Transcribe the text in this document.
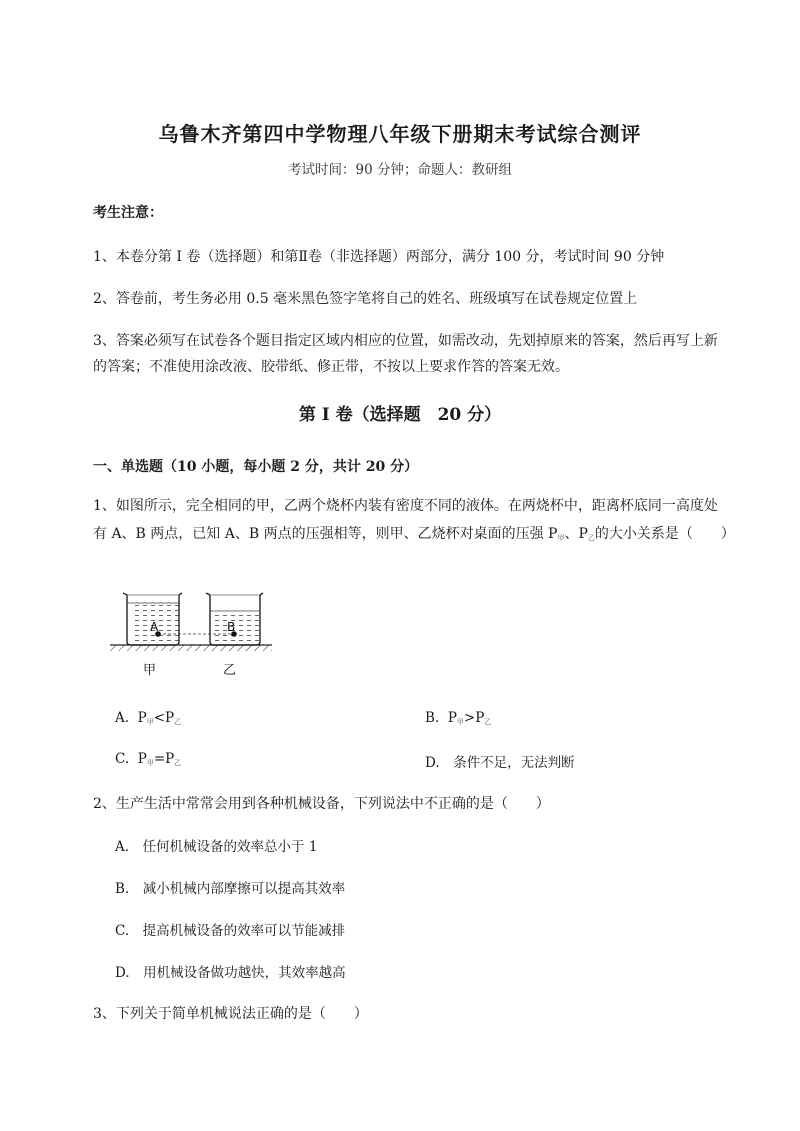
乌鲁木齐第四中学物理八年级下册期末考试综合测评
考试时间：90 分钟；命题人：教研组
考生注意：
1、本卷分第 I 卷（选择题）和第Ⅱ卷（非选择题）两部分，满分 100 分，考试时间 90 分钟
2、答卷前，考生务必用 0.5 毫米黑色签字笔将自己的姓名、班级填写在试卷规定位置上
3、答案必须写在试卷各个题目指定区域内相应的位置，如需改动，先划掉原来的答案，然后再写上新
的答案；不准使用涂改液、胶带纸、修正带，不按以上要求作答的答案无效。
第 I 卷（选择题　20 分）
一、单选题（10 小题，每小题 2 分，共计 20 分）
1、如图所示，完全相同的甲，乙两个烧杯内装有密度不同的液体。在两烧杯中，距离杯底同一高度处
有 A、B 两点，已知 A、B 两点的压强相等，则甲、乙烧杯对桌面的压强 $P_甲$、$P_乙$的大小关系是（　　）
A	B
甲	乙
A. $P_甲<P_乙$	B. $P_甲>P_乙$
C. $P_甲=P_乙$	D.　条件不足，无法判断
2、生产生活中常常会用到各种机械设备，下列说法中不正确的是（　　）
A.　任何机械设备的效率总小于 1
B.　减小机械内部摩擦可以提高其效率
C.　提高机械设备的效率可以节能减排
D.　用机械设备做功越快，其效率越高
3、下列关于简单机械说法正确的是（　　）
